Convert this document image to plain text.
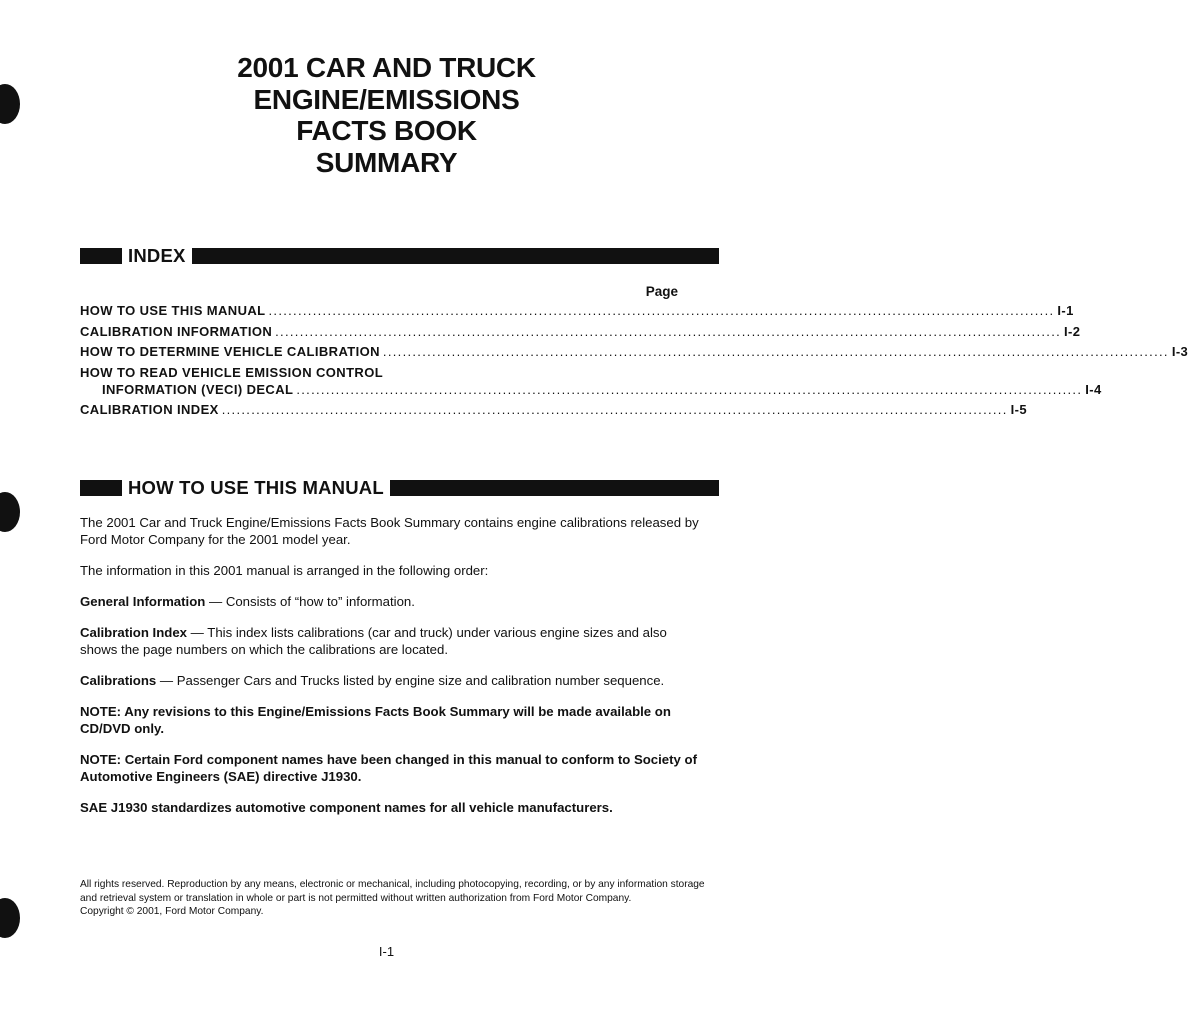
2001 CAR AND TRUCK
ENGINE/EMISSIONS
FACTS BOOK
SUMMARY
INDEX
Page
HOW TO USE THIS MANUAL ................................................................................................................................................................ I-1
CALIBRATION INFORMATION ................................................................................................................................................................ I-2
HOW TO DETERMINE VEHICLE CALIBRATION ................................................................................................................................................................ I-3
HOW TO READ VEHICLE EMISSION CONTROL
INFORMATION (VECI) DECAL ................................................................................................................................................................ I-4
CALIBRATION INDEX ................................................................................................................................................................ I-5
HOW TO USE THIS MANUAL

The 2001 Car and Truck Engine/Emissions Facts Book Summary contains engine calibrations released by Ford Motor Company for the 2001 model year.

The information in this 2001 manual is arranged in the following order:

General Information — Consists of “how to” information.

Calibration Index — This index lists calibrations (car and truck) under various engine sizes and also shows the page numbers on which the calibrations are located.

Calibrations — Passenger Cars and Trucks listed by engine size and calibration number sequence.

NOTE: Any revisions to this Engine/Emissions Facts Book Summary will be made available on CD/DVD only.

NOTE: Certain Ford component names have been changed in this manual to conform to Society of Automotive Engineers (SAE) directive J1930.

SAE J1930 standardizes automotive component names for all vehicle manufacturers.

All rights reserved. Reproduction by any means, electronic or mechanical, including photocopying, recording, or by any information storage and retrieval system or translation in whole or part is not permitted without written authorization from Ford Motor Company.

Copyright © 2001, Ford Motor Company.

I-1
